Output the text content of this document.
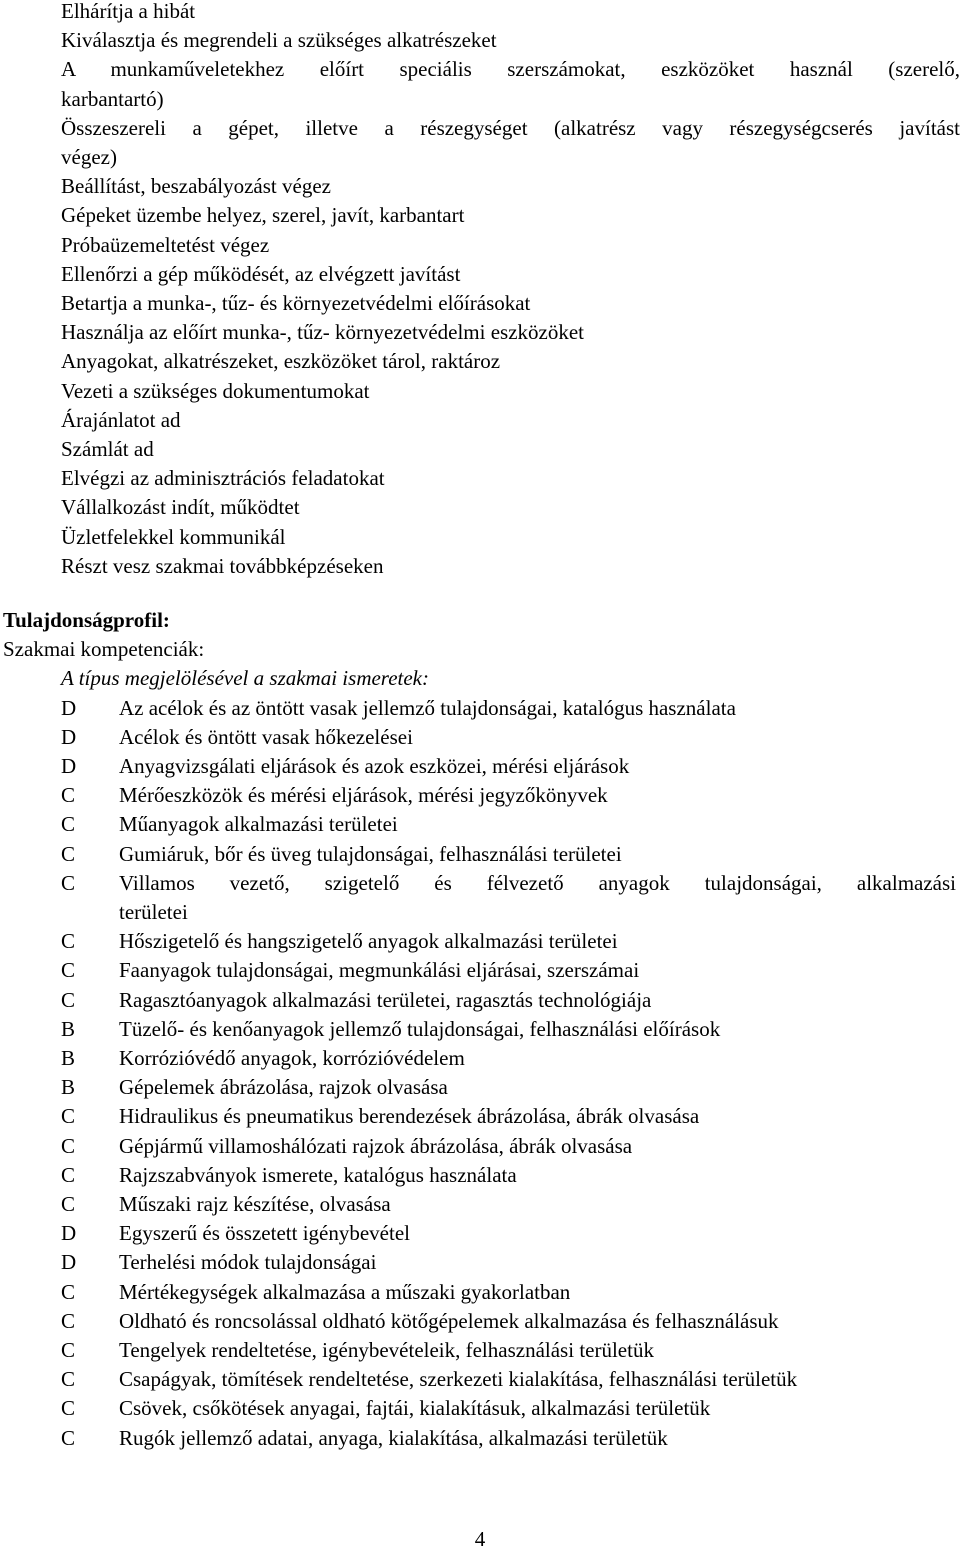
Elhárítja a hibát
Kiválasztja és megrendeli a szükséges alkatrészeket
A munkaműveletekhez előírt speciális szerszámokat, eszközöket használ (szerelő,
karbantartó)
Összeszereli a gépet, illetve a részegységet (alkatrész vagy részegységcserés javítást
végez)
Beállítást, beszabályozást végez
Gépeket üzembe helyez, szerel, javít, karbantart
Próbaüzemeltetést végez
Ellenőrzi a gép működését, az elvégzett javítást
Betartja a munka-, tűz- és környezetvédelmi előírásokat
Használja az előírt munka-, tűz- környezetvédelmi eszközöket
Anyagokat, alkatrészeket, eszközöket tárol, raktároz
Vezeti a szükséges dokumentumokat
Árajánlatot ad
Számlát ad
Elvégzi az adminisztrációs feladatokat
Vállalkozást indít, működtet
Üzletfelekkel kommunikál
Részt vesz szakmai továbbképzéseken
Tulajdonságprofil:
Szakmai kompetenciák:
A típus megjelölésével a szakmai ismeretek:
D	Az acélok és az öntött vasak jellemző tulajdonságai, katalógus használata
D	Acélok és öntött vasak hőkezelései
D	Anyagvizsgálati eljárások és azok eszközei, mérési eljárások
C	Mérőeszközök és mérési eljárások, mérési jegyzőkönyvek
C	Műanyagok alkalmazási területei
C	Gumiáruk, bőr és üveg tulajdonságai, felhasználási területei
C	Villamos vezető, szigetelő és félvezető anyagok tulajdonságai, alkalmazási
területei
C	Hőszigetelő és hangszigetelő anyagok alkalmazási területei
C	Faanyagok tulajdonságai, megmunkálási eljárásai, szerszámai
C	Ragasztóanyagok alkalmazási területei, ragasztás technológiája
B	Tüzelő- és kenőanyagok jellemző tulajdonságai, felhasználási előírások
B	Korrózióvédő anyagok, korrózióvédelem
B	Gépelemek ábrázolása, rajzok olvasása
C	Hidraulikus és pneumatikus berendezések ábrázolása, ábrák olvasása
C	Gépjármű villamoshálózati rajzok ábrázolása, ábrák olvasása
C	Rajzszabványok ismerete, katalógus használata
C	Műszaki rajz készítése, olvasása
D	Egyszerű és összetett igénybevétel
D	Terhelési módok tulajdonságai
C	Mértékegységek alkalmazása a műszaki gyakorlatban
C	Oldható és roncsolással oldható kötőgépelemek alkalmazása és felhasználásuk
C	Tengelyek rendeltetése, igénybevételeik, felhasználási területük
C	Csapágyak, tömítések rendeltetése, szerkezeti kialakítása, felhasználási területük
C	Csövek, csőkötések anyagai, fajtái, kialakításuk, alkalmazási területük
C	Rugók jellemző adatai, anyaga, kialakítása, alkalmazási területük
4
